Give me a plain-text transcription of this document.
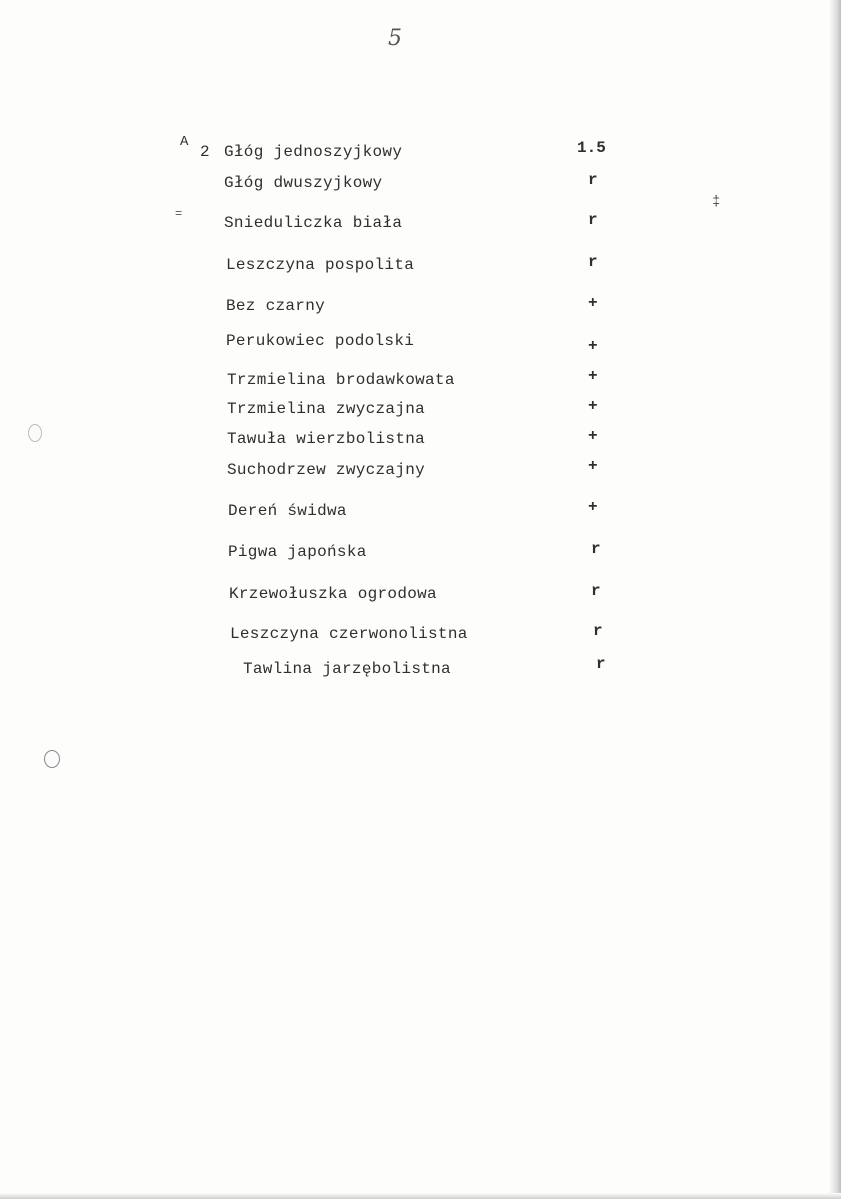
5
A
2 Głóg jednoszyjkowy	1.5
Głóg dwuszyjkowy	r
Snieduliczka biała	r
Leszczyna pospolita	r
Bez czarny	+
Perukowiec podolski	+
Trzmielina brodawkowata	+
Trzmielina zwyczajna	+
Tawuła wierzbolistna	+
Suchodrzew zwyczajny	+
Dereń świdwa	+
Pigwa japońska	r
Krzewołuszka ogrodowa	r
Leszczyna czerwonolistna	r
Tawlina jarzębolistna	r
=
‡
